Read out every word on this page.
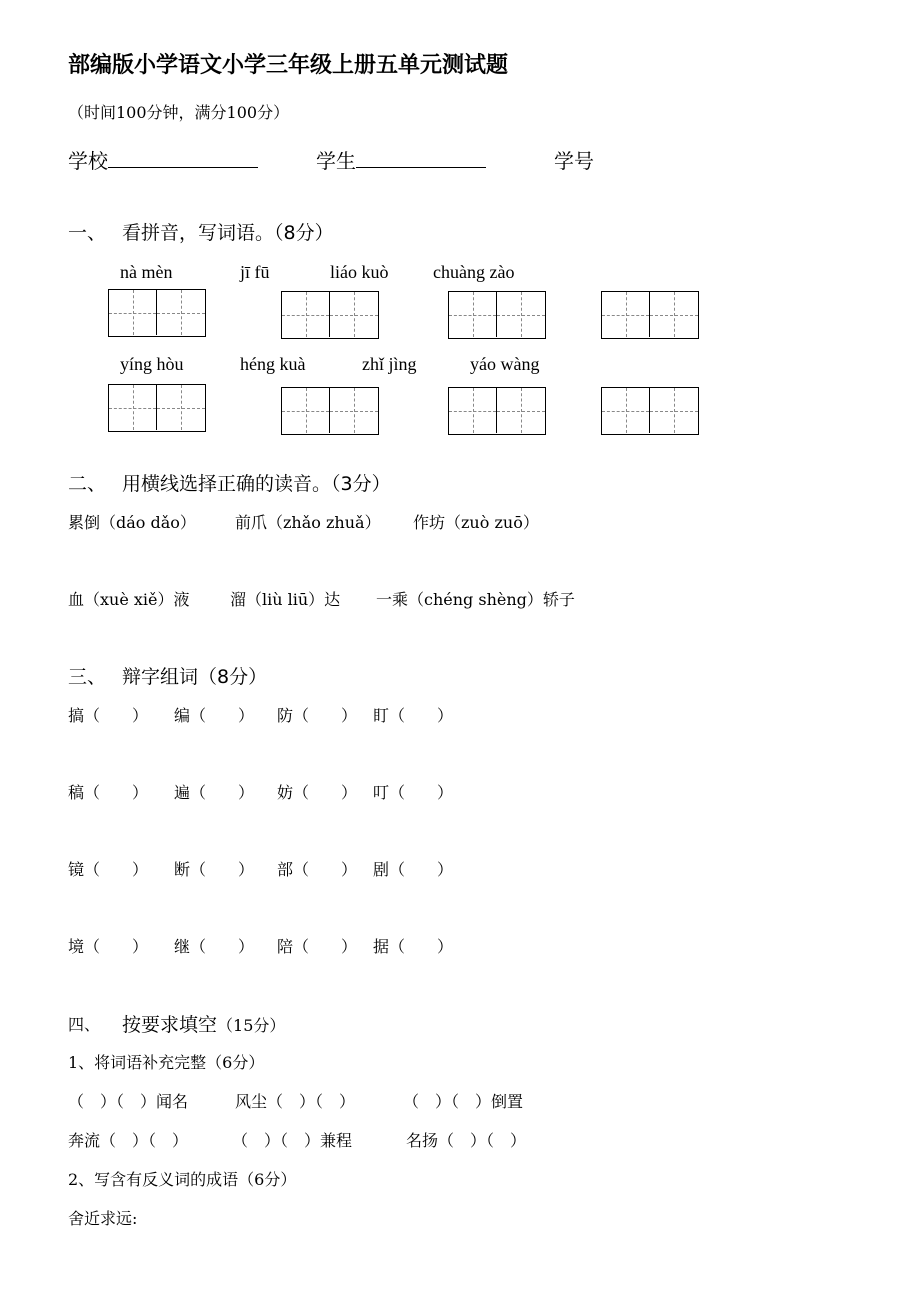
部编版小学语文小学三年级上册五单元测试题
（时间100分钟，满分100分）
学校	学生	学号
一、 看拼音，写词语。（8分）
nà mèn	jī fū	liáo kuò chuàng zào
yíng hòu	héng kuà	zhǐ jìng	yáo wàng
二、 用横线选择正确的读音。（3分）
累倒（dáo dǎo） 前爪（zhǎo zhuǎ） 作坊（zuò zuō）
血（xuè xiě）液	溜（liù liū）达 一乘（chéng shèng）轿子
三、 辩字组词（8分）
搞（　　） 编（　　） 防（　　） 盯（　　）
稿（　　） 遍（　　） 妨（　　） 叮（　　）
镜（　　） 断（　　） 部（　　） 剧（　　）
境（　　） 继（　　） 陪（　　） 据（　　）
四、 按要求填空（15分）
1、将词语补充完整（6分）
（　）（　）闻名	风尘（　）（　）	（　）（　）倒置
奔流（　）（　）	（　）（　）兼程	名扬（　）（　）
2、写含有反义词的成语（6分）
舍近求远:
